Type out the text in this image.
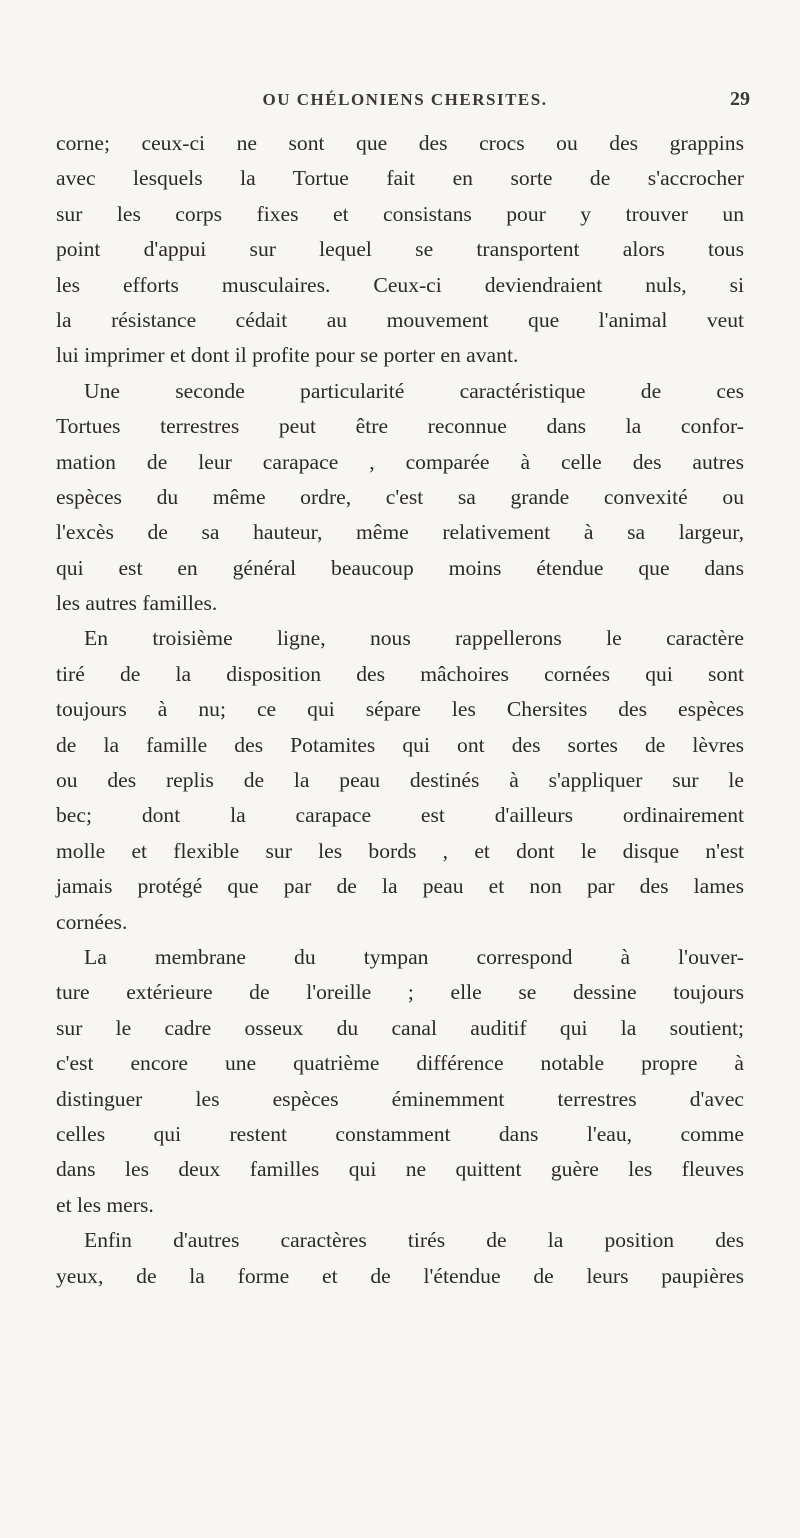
OU CHÉLONIENS CHERSITES.	29
corne; ceux-ci ne sont que des crocs ou des grappins
avec lesquels la Tortue fait en sorte de s'accrocher
sur les corps fixes et consistans pour y trouver un
point d'appui sur lequel se transportent alors tous
les efforts musculaires. Ceux-ci deviendraient nuls, si
la résistance cédait au mouvement que l'animal veut
lui imprimer et dont il profite pour se porter en avant.
Une seconde particularité caractéristique de ces
Tortues terrestres peut être reconnue dans la confor-
mation de leur carapace , comparée à celle des autres
espèces du même ordre, c'est sa grande convexité ou
l'excès de sa hauteur, même relativement à sa largeur,
qui est en général beaucoup moins étendue que dans
les autres familles.
En troisième ligne, nous rappellerons le caractère
tiré de la disposition des mâchoires cornées qui sont
toujours à nu; ce qui sépare les Chersites des espèces
de la famille des Potamites qui ont des sortes de lèvres
ou des replis de la peau destinés à s'appliquer sur le
bec; dont la carapace est d'ailleurs ordinairement
molle et flexible sur les bords , et dont le disque n'est
jamais protégé que par de la peau et non par des lames
cornées.
La membrane du tympan correspond à l'ouver-
ture extérieure de l'oreille ; elle se dessine toujours
sur le cadre osseux du canal auditif qui la soutient;
c'est encore une quatrième différence notable propre à
distinguer les espèces éminemment terrestres d'avec
celles qui restent constamment dans l'eau, comme
dans les deux familles qui ne quittent guère les fleuves
et les mers.
Enfin d'autres caractères tirés de la position des
yeux, de la forme et de l'étendue de leurs paupières
